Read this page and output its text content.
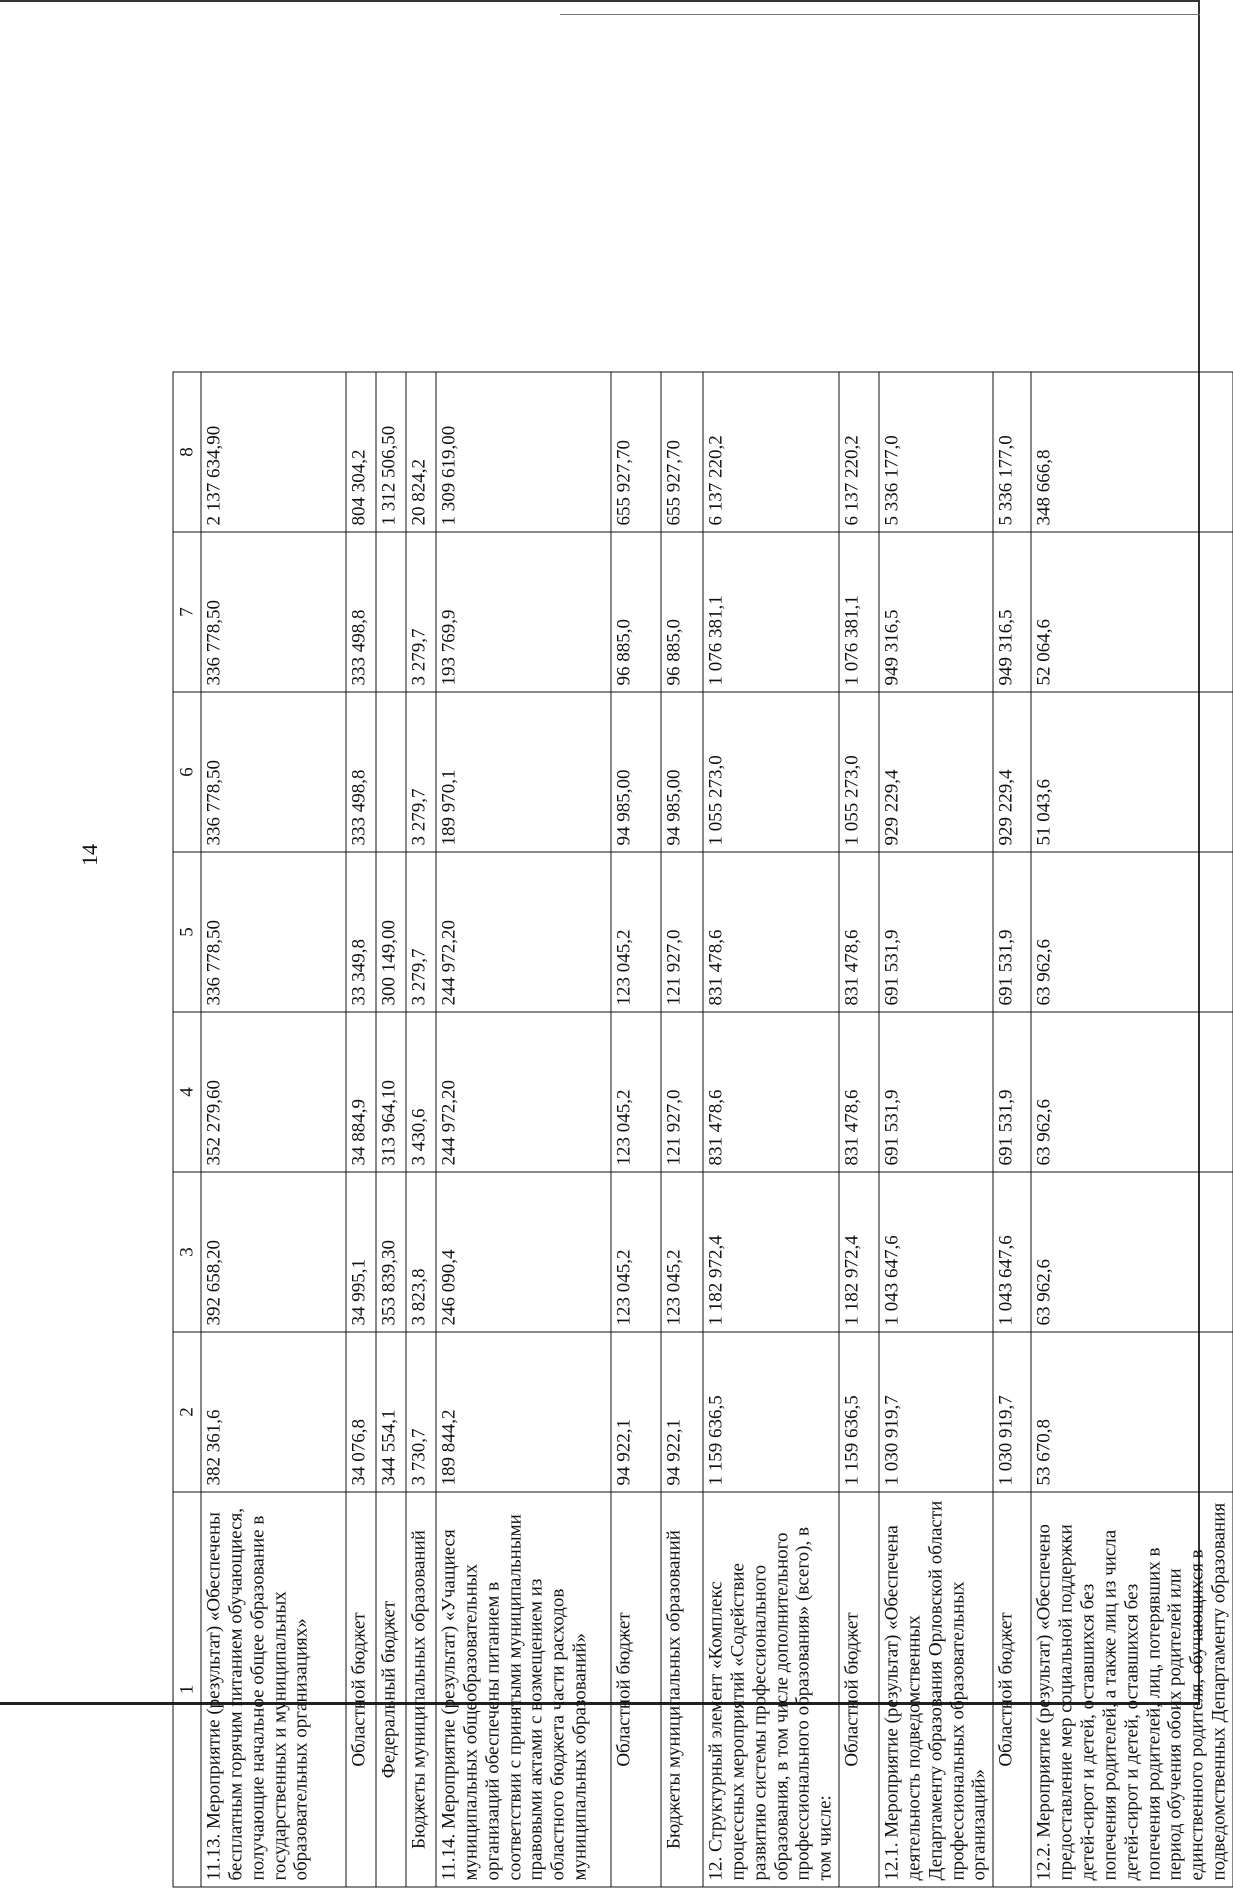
14
1	2	3	4	5	6	7	8
11.13. Мероприятие (результат) «Обеспечены бесплатным горячим питанием обучающиеся, получающие начальное общее образование в государственных и муниципальных образовательных организациях»	382 361,6	392 658,20	352 279,60	336 778,50	336 778,50	336 778,50	2 137 634,90
Областной бюджет	34 076,8	34 995,1	34 884,9	33 349,8	333 498,8	333 498,8	804 304,2
Федеральный бюджет	344 554,1	353 839,30	313 964,10	300 149,00			1 312 506,50
Бюджеты муниципальных образований	3 730,7	3 823,8	3 430,6	3 279,7	3 279,7	3 279,7	20 824,2
11.14. Мероприятие (результат) «Учащиеся муниципальных общеобразовательных организаций обеспечены питанием в соответствии с принятыми муниципальными правовыми актами с возмещением из областного бюджета части расходов муниципальных образований»	189 844,2	246 090,4	244 972,20	244 972,20	189 970,1	193 769,9	1 309 619,00
Областной бюджет	94 922,1	123 045,2	123 045,2	123 045,2	94 985,00	96 885,0	655 927,70
Бюджеты муниципальных образований	94 922,1	123 045,2	121 927,0	121 927,0	94 985,00	96 885,0	655 927,70
12. Структурный элемент «Комплекс процессных мероприятий «Содействие развитию системы профессионального образования, в том числе дополнительного профессионального образования» (всего), в том числе:	1 159 636,5	1 182 972,4	831 478,6	831 478,6	1 055 273,0	1 076 381,1	6 137 220,2
Областной бюджет	1 159 636,5	1 182 972,4	831 478,6	831 478,6	1 055 273,0	1 076 381,1	6 137 220,2
12.1. Мероприятие (результат) «Обеспечена деятельность подведомственных Департаменту образования Орловской области профессиональных образовательных организаций»	1 030 919,7	1 043 647,6	691 531,9	691 531,9	929 229,4	949 316,5	5 336 177,0
Областной бюджет	1 030 919,7	1 043 647,6	691 531,9	691 531,9	929 229,4	949 316,5	5 336 177,0
12.2. Мероприятие (результат) «Обеспечено предоставление мер социальной поддержки детей-сирот и детей, оставшихся без попечения родителей, а также лиц из числа детей-сирот и детей, оставшихся без попечения родителей, лиц, потерявших в период обучения обоих родителей или единственного родителя, обучающихся в подведомственных Департаменту образования	53 670,8	63 962,6	63 962,6	63 962,6	51 043,6	52 064,6	348 666,8
